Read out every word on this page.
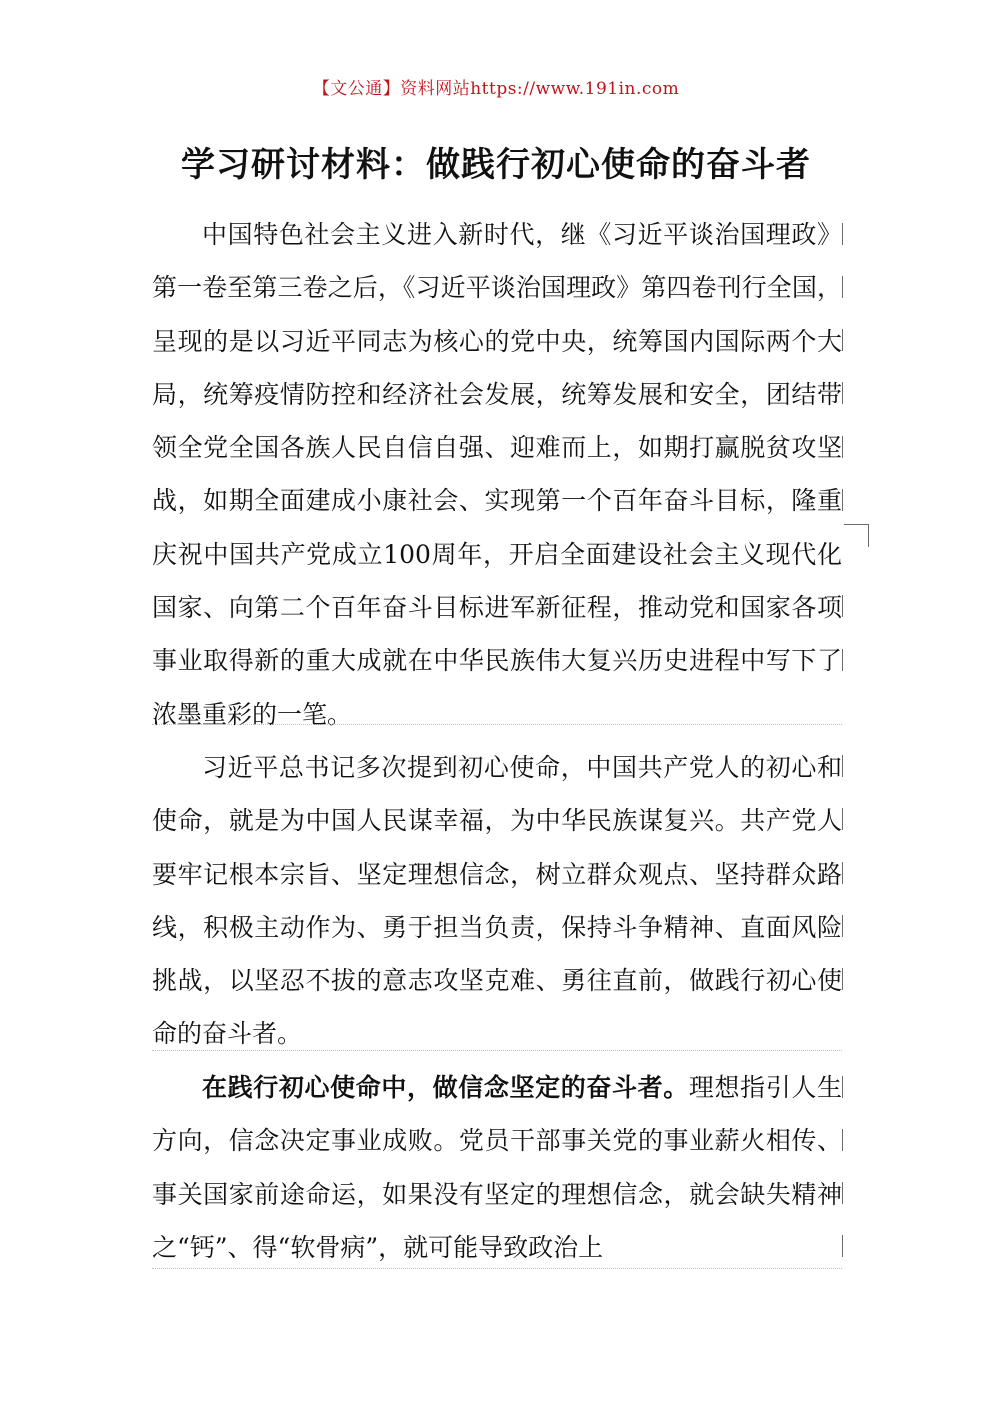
【文公通】资料网站https://www.191in.com
学习研讨材料：做践行初心使命的奋斗者
中国特色社会主义进入新时代，继《习近平谈治国理政》第一卷至第三卷之后，《习近平谈治国理政》第四卷刊行全国，呈现的是以习近平同志为核心的党中央，统筹国内国际两个大局，统筹疫情防控和经济社会发展，统筹发展和安全，团结带领全党全国各族人民自信自强、迎难而上，如期打赢脱贫攻坚战，如期全面建成小康社会、实现第一个百年奋斗目标，隆重庆祝中国共产党成立100周年，开启全面建设社会主义现代化国家、向第二个百年奋斗目标进军新征程，推动党和国家各项事业取得新的重大成就在中华民族伟大复兴历史进程中写下了浓墨重彩的一笔。
习近平总书记多次提到初心使命，中国共产党人的初心和使命，就是为中国人民谋幸福，为中华民族谋复兴。共产党人要牢记根本宗旨、坚定理想信念，树立群众观点、坚持群众路线，积极主动作为、勇于担当负责，保持斗争精神、直面风险挑战，以坚忍不拔的意志攻坚克难、勇往直前，做践行初心使命的奋斗者。
在践行初心使命中，做信念坚定的奋斗者。理想指引人生方向，信念决定事业成败。党员干部事关党的事业薪火相传、事关国家前途命运，如果没有坚定的理想信念，就会缺失精神之“钙”、得“软骨病”，就可能导致政治上
